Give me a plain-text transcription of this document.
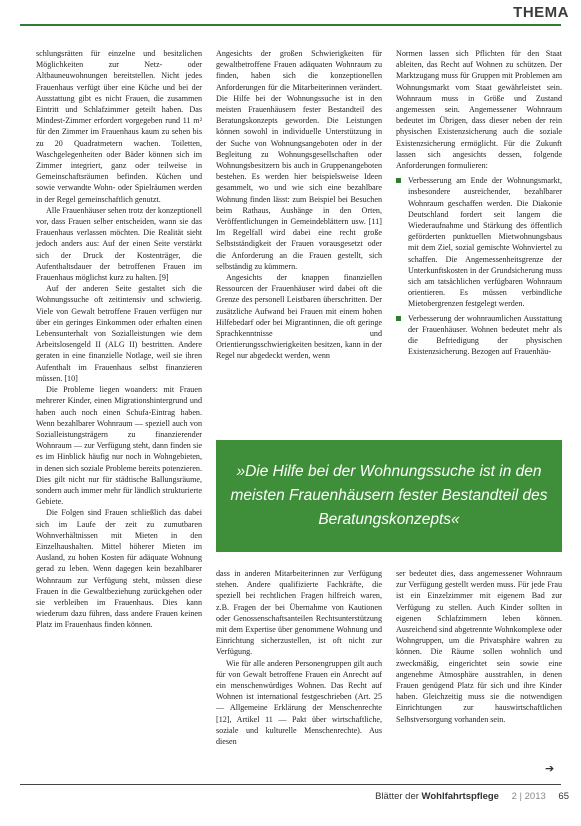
THEMA

schlungsrätten für einzelne und besitzlichen Möglichkeiten zur Netz- oder Altbauneuwohnungen bereitstellen. Nicht jedes Frauenhaus verfügt über eine Küche und bei der Ausstattung gibt es nicht Frauen, die zusammen Eintritt und Schlafzimmer geteilt haben. Das Mindest-Zimmer erfordert vorgegeben rund 11 m² für den Zimmer im Frauenhaus kaum zu sehen bis zu 20 Quadratmetern wachen. Toiletten, Waschgelegenheiten oder Bäder können sich im Zimmer integriert, ganz oder teilweise in Gemeinschaftsräumen befinden. Küchen und sowie verwandte Wohn- oder Spielräumen werden in der Regel gemeinschaftlich genutzt.

Alle Frauenhäuser sehen trotz der konzeptionell vor, dass Frauen selber entscheiden, wann sie das Frauenhaus verlassen möchten. Die Realität sieht jedoch anders aus: Auf der einen Seite verstärkt sich der Druck der Kostenträger, die Aufenthaltsdauer der betroffenen Frauen im Frauenhaus möglichst kurz zu halten. [9]

Auf der anderen Seite gestaltet sich die Wohnungssuche oft zeitintensiv und schwierig. Viele von Gewalt betroffene Frauen verfügen nur über ein geringes Einkommen oder erhalten einen Lebensunterhalt von Sozialleistungen wie dem Arbeitslosengeld II (ALG II) bestritten. Andere geraten in eine finanzielle Notlage, weil sie ihren Aufenthalt im Frauenhaus selbst finanzieren müssen. [10]

Die Probleme liegen woanders: mit Frauen mehrerer Kinder, einen Migrationshintergrund und haben auch noch einen Schufa-Eintrag haben. Wenn bezahlbarer Wohnraum — speziell auch von Sozialleistungsträgern zu finanzierender Wohnraum — zur Verfügung steht, dann finden sie es im Hinblick häufig nur noch in Wohngebieten, in denen sich soziale Probleme bereits potenzieren. Dies gilt nicht nur für städtische Ballungsräume, sondern auch immer mehr für ländlich strukturierte Gebiete.

Die Folgen sind Frauen schließlich das dabei sich im Laufe der zeit zu zumutbaren Wohnverhältnissen mit Mieten in den Einzelhaushalten. Mittel höherer Mieten im Ausland, zu hohen Kosten für adäquate Wohnung gerad zu leben. Wenn dagegen kein bezahlbarer Wohnraum zur Verfügung steht, müssen diese Frauen in die Gewaltbeziehung zurückgehen oder sie verbleiben im Frauenhaus. Dies kann wiederum dazu führen, dass andere Frauen keinen Platz im Frauenhaus finden können.

Angesichts der großen Schwierigkeiten für gewaltbetroffene Frauen adäquaten Wohnraum zu finden, haben sich die konzeptionellen Anforderungen für die Mitarbeiterinnen verändert. Die Hilfe bei der Wohnungssuche ist in den meisten Frauenhäusern fester Bestandteil des Beratungskonzepts geworden. Die Leistungen können sowohl in individuelle Unterstützung in der Suche von Wohnungsangeboten oder in der Begleitung zu Wohnungsgesellschaften oder Wohnungsbesitzern bis auch in Gruppenangeboten bestehen. Es werden hier beispielsweise Ideen gesammelt, wo und wie sich eine bezahlbare Wohnung finden lässt: zum Beispiel bei Besuchen beim Rathaus, Aushänge in den Orten, Veröffentlichungen in Gemeindeblättern usw. [11] Im Regelfall wird dabei eine recht große Selbstständigkeit der Frauen vorausgesetzt oder die Anforderung an die Frauen gestellt, sich selbständig zu kümmern.

Angesichts der knappen finanziellen Ressourcen der Frauenhäuser wird dabei oft die Grenze des personell Leistbaren überschritten. Der zusätzliche Aufwand bei Frauen mit einem hohen Hilfebedarf oder bei Migrantinnen, die oft geringe Sprachkenntnisse und Orientierungsschwierigkeiten besitzen, kann in der Regel nur abgedeckt werden, wenn

Normen lassen sich Pflichten für den Staat ableiten, das Recht auf Wohnen zu schützen. Der Marktzugang muss für Gruppen mit Problemen am Wohnungsmarkt vom Staat gewährleistet sein. Wohnraum muss in Größe und Zustand angemessen sein. Angemessener Wohnraum bedeutet im Übrigen, dass dieser neben der rein physischen Existenzsicherung auch die soziale Existenzsicherung ermöglicht. Für die Zukunft lassen sich angesichts dessen, folgende Anforderungen formulieren:

Verbesserung am Ende der Wohnungsmarkt, insbesondere ausreichender, bezahlbarer Wohnraum geschaffen werden. Die Diakonie Deutschland fordert seit langem die Wiederaufnahme und Stärkung des öffentlich geförderten punktuellen Mietwohnungsbaus mit dem Ziel, sozial gemischte Wohnviertel zu schaffen. Die Angemessenheitsgrenze der Unterkunftskosten in der Grundsicherung muss sich am tatsächlichen verfügbaren Wohnraum orientieren. Es müssen verbindliche Mietobergrenzen festgelegt werden.
Verbesserung der wohnraumlichen Ausstattung der Frauenhäuser. Wohnen bedeutet mehr als die Befriedigung der physischen Existenzsicherung. Bezogen auf Frauenhäu-
»Die Hilfe bei der Wohnungssuche ist in den meisten Frauenhäusern fester Bestandteil des Beratungskonzepts«

dass in anderen Mitarbeiterinnen zur Verfügung stehen. Andere qualifizierte Fachkräfte, die speziell bei rechtlichen Fragen hilfreich waren, z.B. Fragen der bei Übernahme von Kautionen oder Genossenschaftsanteilen Rechtsunterstützung mit dem Expertise über genommene Wohnung und Einrichtung sicherzustellen, ist oft nicht zur Verfügung.

Wie für alle anderen Personengruppen gilt auch für von Gewalt betroffene Frauen ein Anrecht auf ein menschenwürdiges Wohnen. Das Recht auf Wohnen ist international festgeschrieben (Art. 25 — Allgemeine Erklärung der Menschenrechte [12], Artikel 11 — Pakt über wirtschaftliche, soziale und kulturelle Menschenrechte). Aus diesen

ser bedeutet dies, dass angemessener Wohnraum zur Verfügung gestellt werden muss. Für jede Frau ist ein Einzelzimmer mit eigenem Bad zur Verfügung zu stellen. Auch Kinder sollten in eigenen Schlafzimmern leben können. Ausreichend sind abgetrennte Wohnkomplexe oder Wohngruppen, um die Privatsphäre wahren zu können. Die Räume sollen wohnlich und zweckmäßig, eingerichtet sein sowie eine angenehme Atmosphäre ausstrahlen, in denen Frauen genügend Platz für sich und ihre Kinder haben. Gleichzeitig muss sie die notwendigen Einrichtungen zur hauswirtschaftlichen Selbstversorgung vorhanden sein.

➔
Blätter der Wohlfahrtspflege 2 | 2013 65
